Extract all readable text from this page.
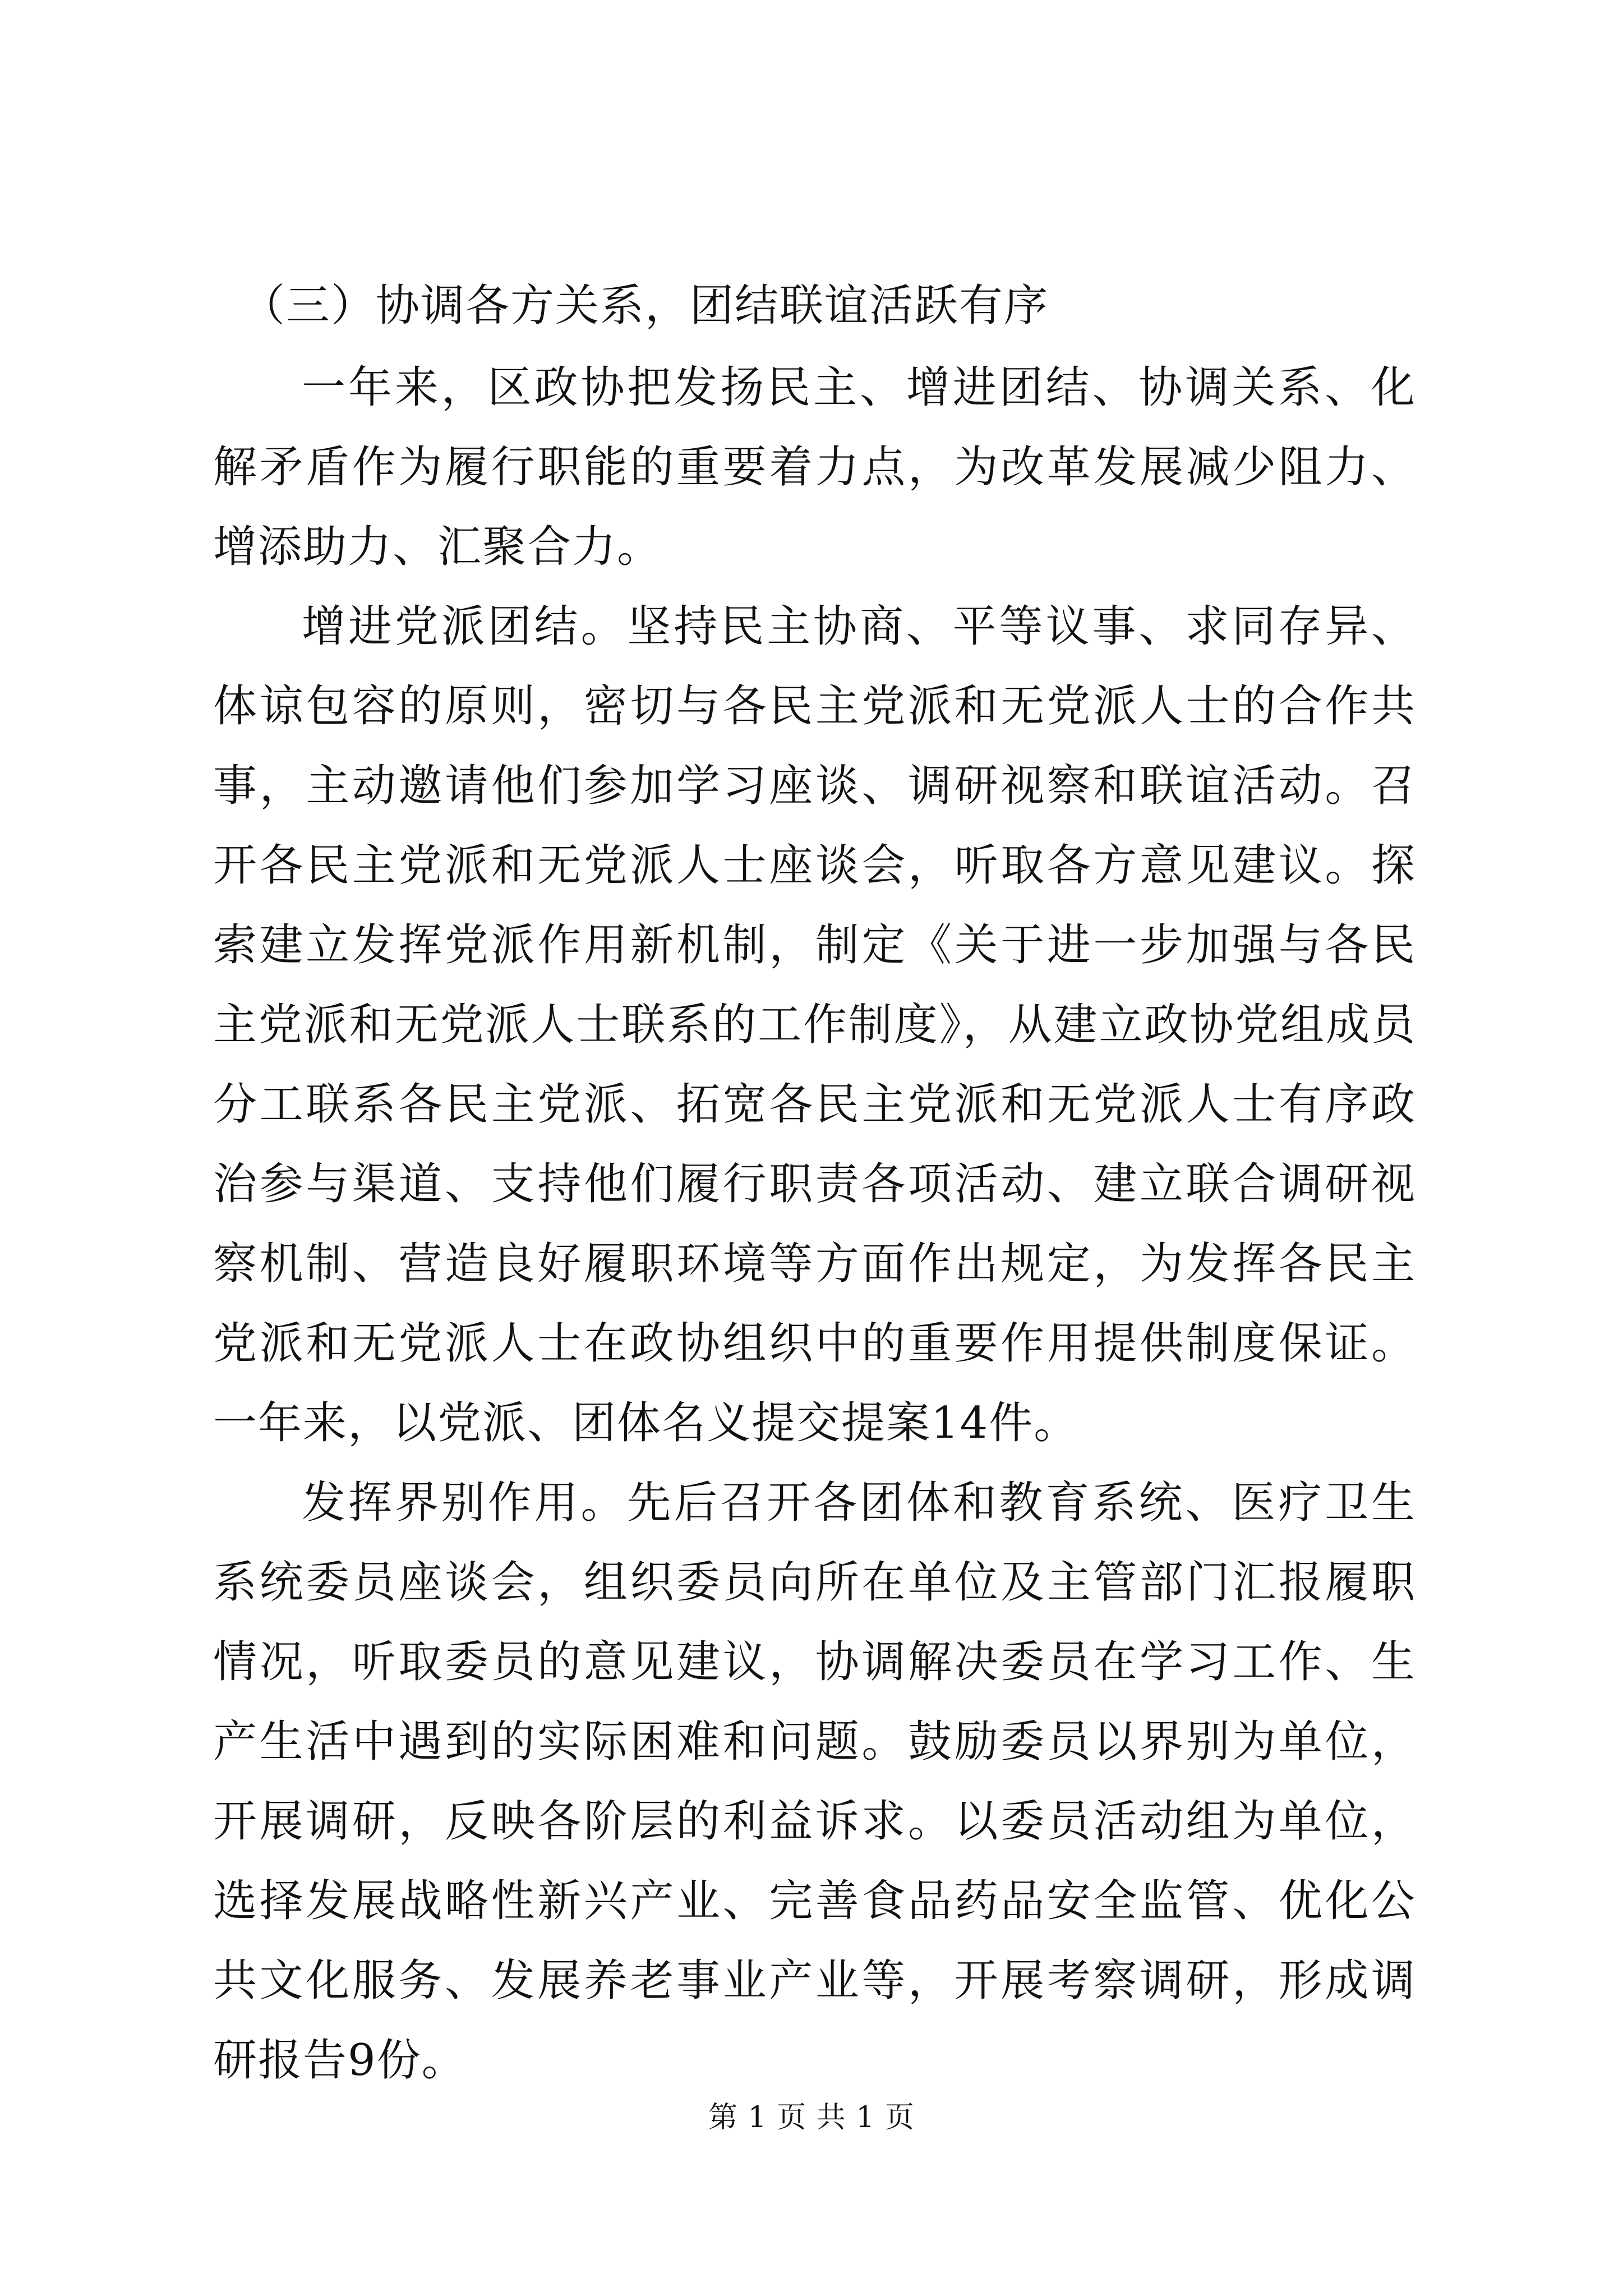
（三）协调各方关系，团结联谊活跃有序

一年来，区政协把发扬民主、增进团结、协调关系、化解矛盾作为履行职能的重要着力点，为改革发展减少阻力、增添助力、汇聚合力。

增进党派团结。坚持民主协商、平等议事、求同存异、体谅包容的原则，密切与各民主党派和无党派人士的合作共事，主动邀请他们参加学习座谈、调研视察和联谊活动。召开各民主党派和无党派人士座谈会，听取各方意见建议。探索建立发挥党派作用新机制，制定《关于进一步加强与各民主党派和无党派人士联系的工作制度》，从建立政协党组成员分工联系各民主党派、拓宽各民主党派和无党派人士有序政治参与渠道、支持他们履行职责各项活动、建立联合调研视察机制、营造良好履职环境等方面作出规定，为发挥各民主党派和无党派人士在政协组织中的重要作用提供制度保证。一年来，以党派、团体名义提交提案14件。

发挥界别作用。先后召开各团体和教育系统、医疗卫生系统委员座谈会，组织委员向所在单位及主管部门汇报履职情况，听取委员的意见建议，协调解决委员在学习工作、生产生活中遇到的实际困难和问题。鼓励委员以界别为单位，开展调研，反映各阶层的利益诉求。以委员活动组为单位，选择发展战略性新兴产业、完善食品药品安全监管、优化公共文化服务、发展养老事业产业等，开展考察调研，形成调研报告9份。

第 1 页 共 1 页
